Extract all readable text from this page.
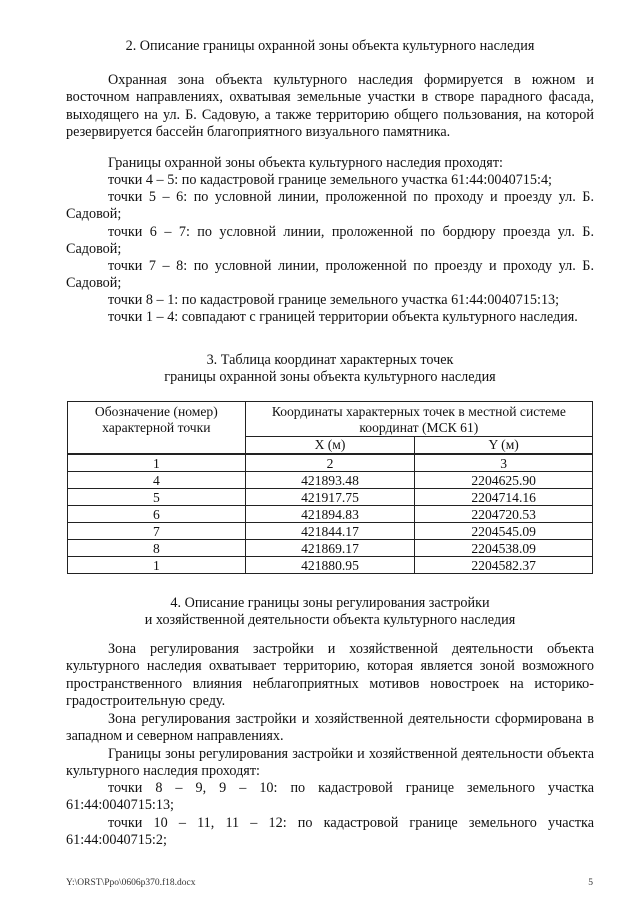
2. Описание границы охранной зоны объекта культурного наследия

Охранная зона объекта культурного наследия формируется в южном и восточном направлениях, охватывая земельные участки в створе парадного фасада, выходящего на ул. Б. Садовую, а также территорию общего пользования, на которой резервируется бассейн благоприятного визуального памятника.

Границы охранной зоны объекта культурного наследия проходят:

точки 4 – 5: по кадастровой границе земельного участка 61:44:0040715:4;

точки 5 – 6: по условной линии, проложенной по проходу и проезду ул. Б. Садовой;

точки 6 – 7: по условной линии, проложенной по бордюру проезда ул. Б. Садовой;

точки 7 – 8: по условной линии, проложенной по проезду и проходу ул. Б. Садовой;

точки 8 – 1: по кадастровой границе земельного участка 61:44:0040715:13;

точки 1 – 4: совпадают с границей территории объекта культурного наследия.

3. Таблица координат характерных точек

границы охранной зоны объекта культурного наследия

Обозначение (номер) характерной точки	Координаты характерных точек в местной системе координат (МСК 61)	
	X (м)	Y (м)
1	2	3
4	421893.48	2204625.90
5	421917.75	2204714.16
6	421894.83	2204720.53
7	421844.17	2204545.09
8	421869.17	2204538.09
1	421880.95	2204582.37

4. Описание границы зоны регулирования застройки

и хозяйственной деятельности объекта культурного наследия

Зона регулирования застройки и хозяйственной деятельности объекта культурного наследия охватывает территорию, которая является зоной возможного пространственного влияния неблагоприятных мотивов новостроек на историко-градостроительную среду.

Зона регулирования застройки и хозяйственной деятельности сформирована в западном и северном направлениях.

Границы зоны регулирования застройки и хозяйственной деятельности объекта культурного наследия проходят:

точки 8 – 9, 9 – 10: по кадастровой границе земельного участка 61:44:0040715:13;

точки 10 – 11, 11 – 12: по кадастровой границе земельного участка 61:44:0040715:2;

Y:\ORST\Ppo\0606p370.f18.docx	5
